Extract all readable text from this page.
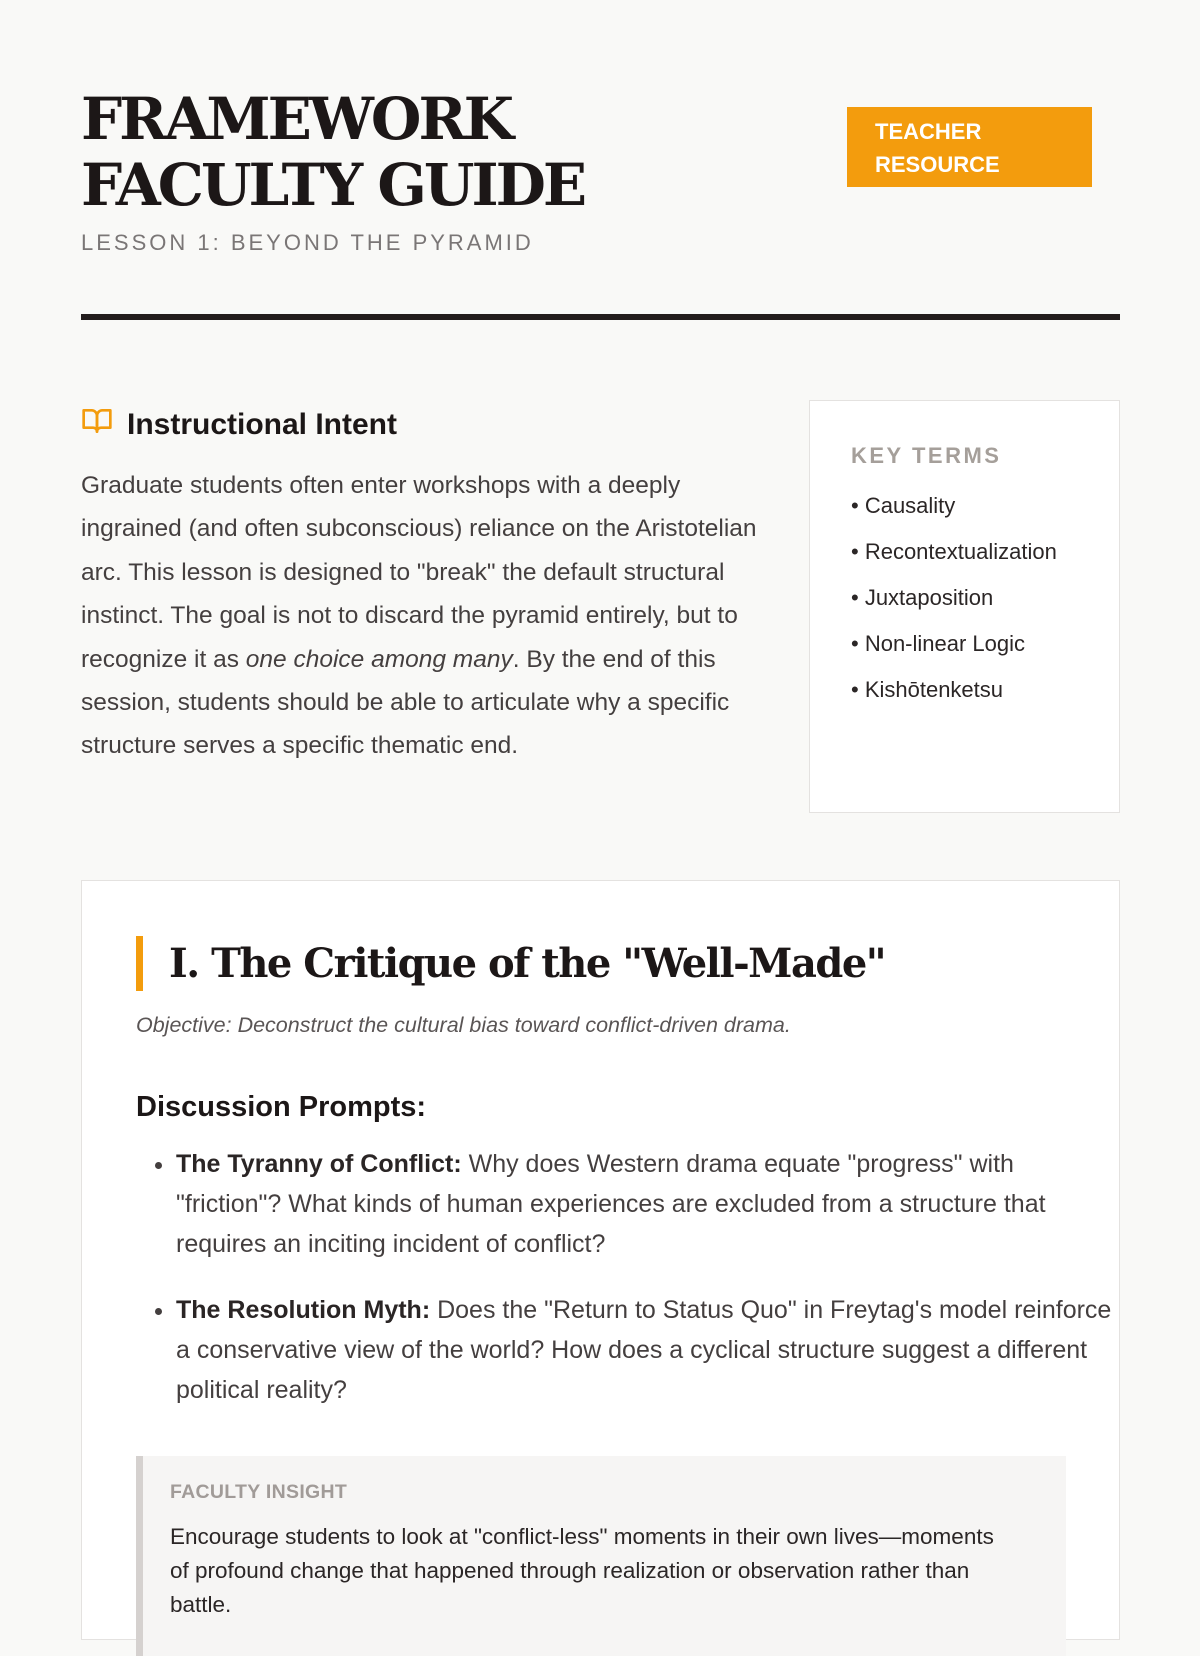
FRAMEWORK FACULTY GUIDE
LESSON 1: BEYOND THE PYRAMID
TEACHER RESOURCE
Instructional Intent

Graduate students often enter workshops with a deeply ingrained (and often subconscious) reliance on the Aristotelian arc. This lesson is designed to "break" the default structural instinct. The goal is not to discard the pyramid entirely, but to recognize it as one choice among many. By the end of this session, students should be able to articulate why a specific structure serves a specific thematic end.

KEY TERMS
• Causality
• Recontextualization
• Juxtaposition
• Non-linear Logic
• Kishōtenketsu
I. The Critique of the "Well-Made"
Objective: Deconstruct the cultural bias toward conflict-driven drama.
Discussion Prompts:
• The Tyranny of Conflict: Why does Western drama equate "progress" with "friction"? What kinds of human experiences are excluded from a structure that requires an inciting incident of conflict?
• The Resolution Myth: Does the "Return to Status Quo" in Freytag's model reinforce a conservative view of the world? How does a cyclical structure suggest a different political reality?
FACULTY INSIGHT
Encourage students to look at "conflict-less" moments in their own lives—moments of profound change that happened through realization or observation rather than battle.
